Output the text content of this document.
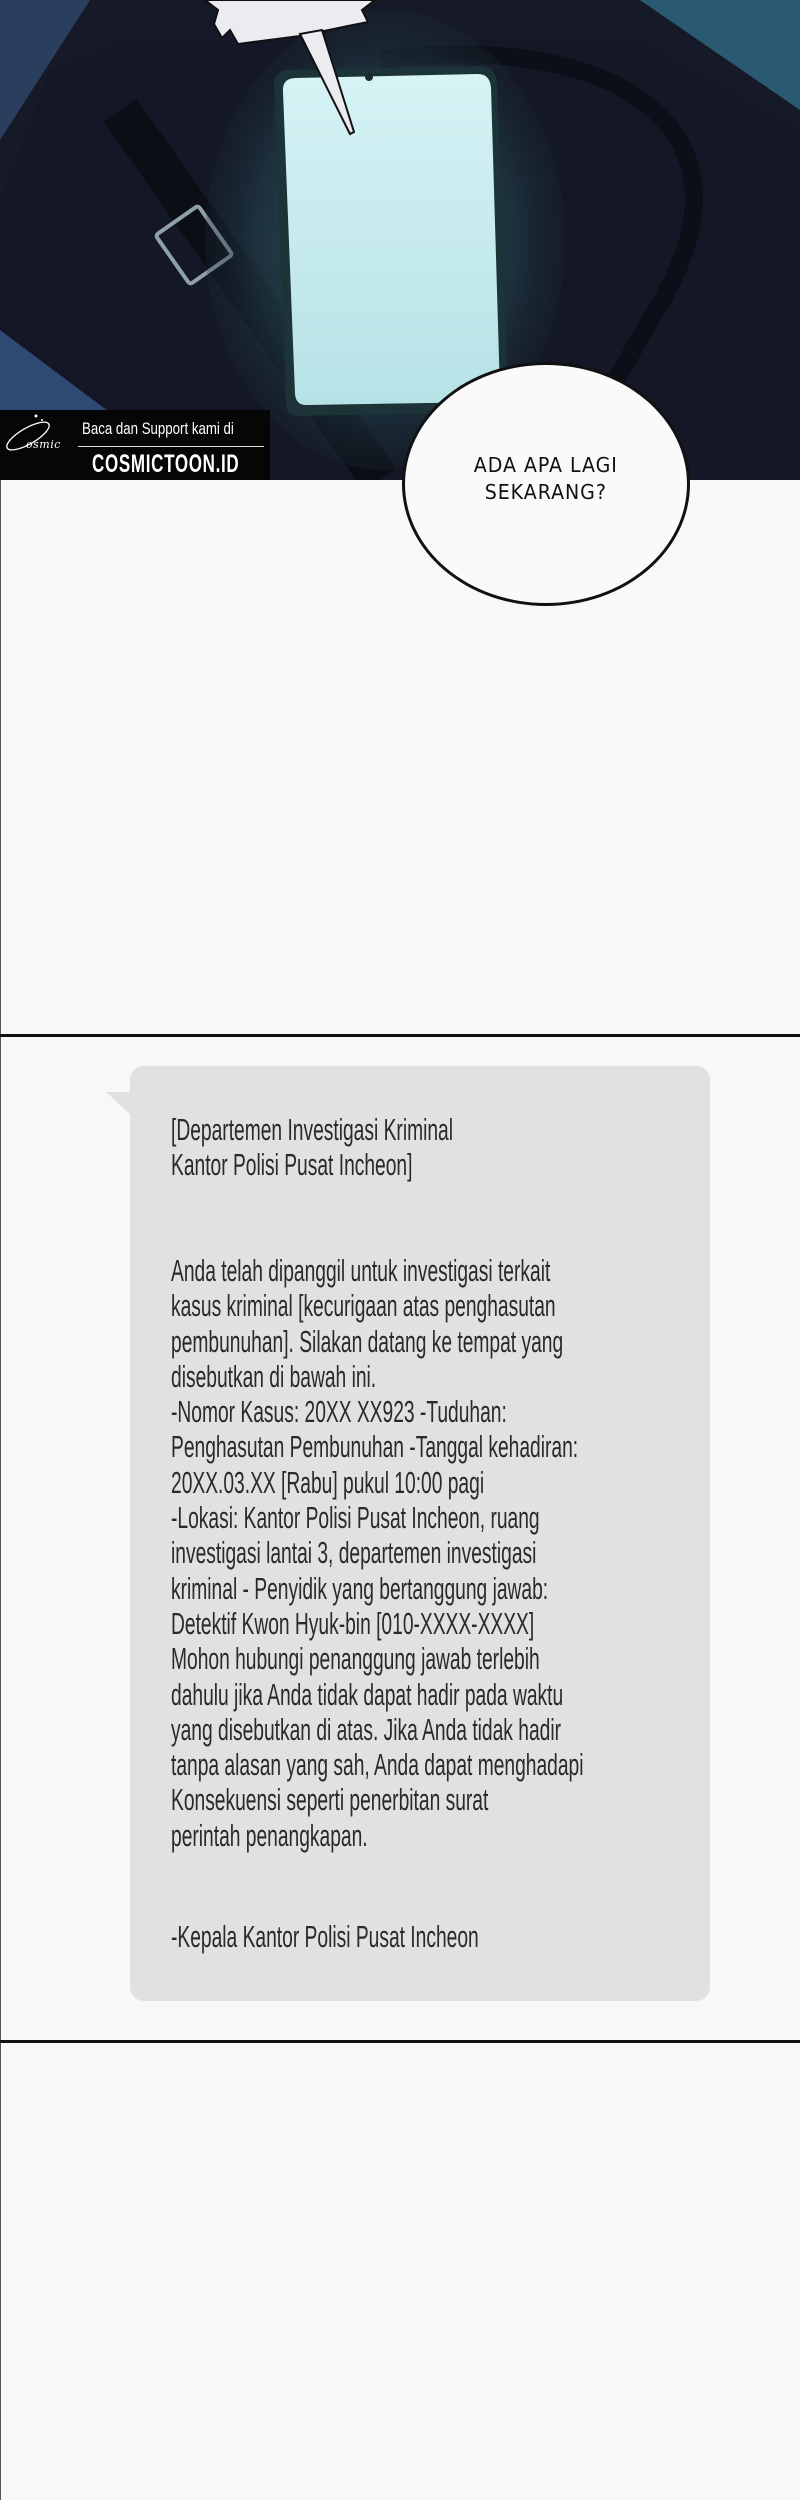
osmic
Baca dan Support kami di
COSMICTOON.ID	ADA APA LAGI
SEKARANG?
[Departemen Investigasi Kriminal
Kantor Polisi Pusat Incheon]
Anda telah dipanggil untuk investigasi terkait
kasus kriminal [kecurigaan atas penghasutan
pembunuhan]. Silakan datang ke tempat yang
disebutkan di bawah ini.
-Nomor Kasus: 20XX XX923 -Tuduhan:
Penghasutan Pembunuhan -Tanggal kehadiran:
20XX.03.XX [Rabu] pukul 10:00 pagi
-Lokasi: Kantor Polisi Pusat Incheon, ruang
investigasi lantai 3, departemen investigasi
kriminal - Penyidik yang bertanggung jawab:
Detektif Kwon Hyuk-bin [010-XXXX-XXXX]
Mohon hubungi penanggung jawab terlebih
dahulu jika Anda tidak dapat hadir pada waktu
yang disebutkan di atas. Jika Anda tidak hadir
tanpa alasan yang sah, Anda dapat menghadapi
Konsekuensi seperti penerbitan surat
perintah penangkapan.
-Kepala Kantor Polisi Pusat Incheon
